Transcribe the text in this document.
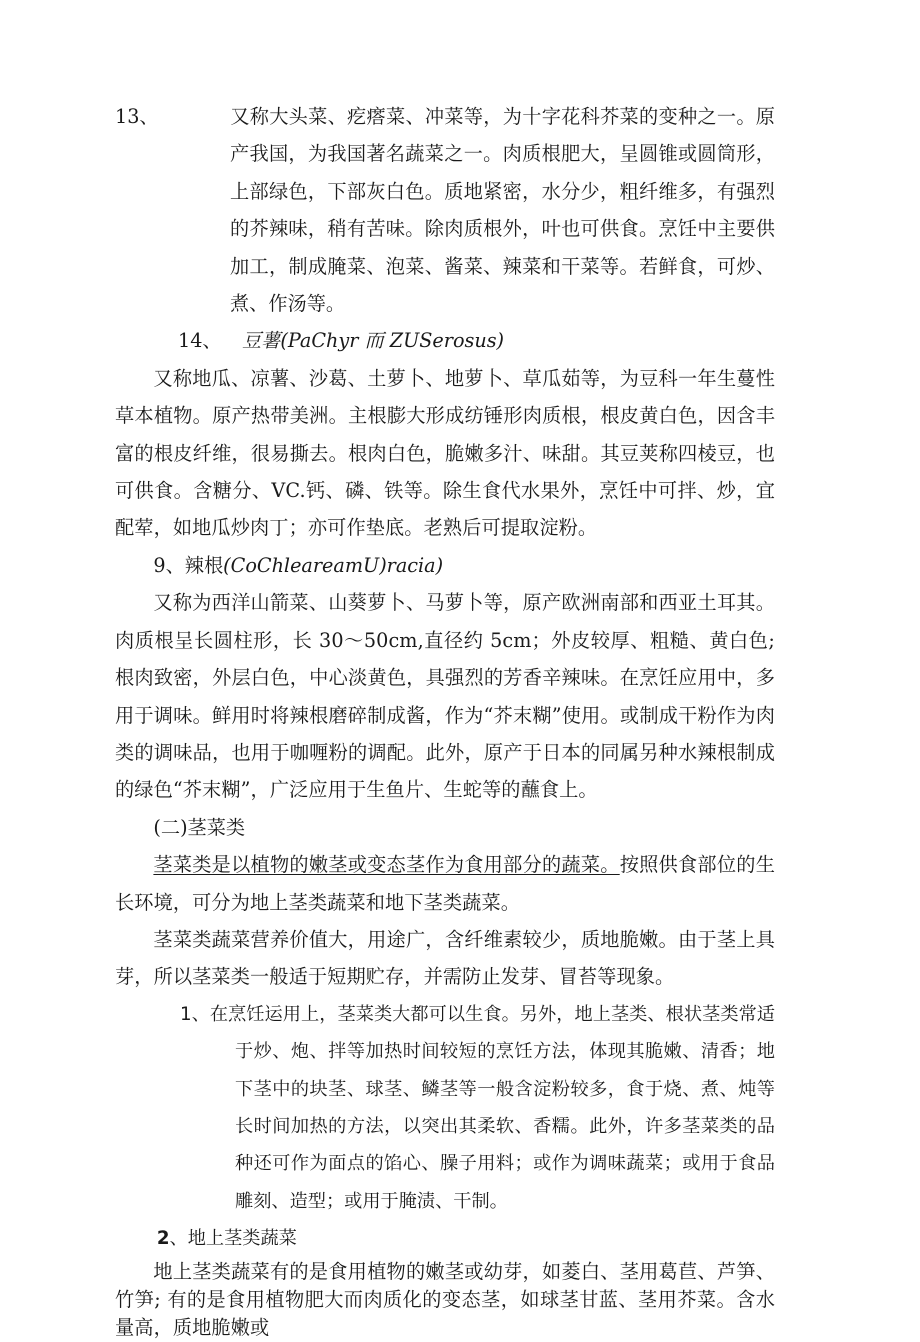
13、	又称大头菜、疙瘩菜、冲菜等，为十字花科芥菜的变种之一。原产我国，为我国著名蔬菜之一。肉质根肥大，呈圆锥或圆筒形，上部绿色，下部灰白色。质地紧密，水分少，粗纤维多，有强烈的芥辣味，稍有苦味。除肉质根外，叶也可供食。烹饪中主要供加工，制成腌菜、泡菜、酱菜、辣菜和干菜等。若鲜食，可炒、煮、作汤等。

14、 豆薯(PaChyr 而 ZUSerosus)

又称地瓜、凉薯、沙葛、土萝卜、地萝卜、草瓜茹等，为豆科一年生蔓性草本植物。原产热带美洲。主根膨大形成纺锤形肉质根，根皮黄白色，因含丰富的根皮纤维，很易撕去。根肉白色，脆嫩多汁、味甜。其豆荚称四棱豆，也可供食。含糖分、VC.钙、磷、铁等。除生食代水果外，烹饪中可拌、炒，宜配荤，如地瓜炒肉丁；亦可作垫底。老熟后可提取淀粉。

9、辣根(CoChleareamU)racia)

又称为西洋山箭菜、山葵萝卜、马萝卜等，原产欧洲南部和西亚土耳其。肉质根呈长圆柱形，长 30～50cm,直径约 5cm；外皮较厚、粗糙、黄白色; 根肉致密，外层白色，中心淡黄色，具强烈的芳香辛辣味。在烹饪应用中，多用于调味。鲜用时将辣根磨碎制成酱，作为“芥末糊”使用。或制成干粉作为肉类的调味品，也用于咖喱粉的调配。此外，原产于日本的同属另种水辣根制成的绿色“芥末糊”，广泛应用于生鱼片、生蛇等的蘸食上。

(二)茎菜类

茎菜类是以植物的嫩茎或变态茎作为食用部分的蔬菜。按照供食部位的生长环境，可分为地上茎类蔬菜和地下茎类蔬菜。

茎菜类蔬菜营养价值大，用途广，含纤维素较少，质地脆嫩。由于茎上具芽，所以茎菜类一般适于短期贮存，并需防止发芽、冒苔等现象。

1、在烹饪运用上，茎菜类大都可以生食。另外，地上茎类、根状茎类常适于炒、炮、拌等加热时间较短的烹饪方法，体现其脆嫩、清香；地下茎中的块茎、球茎、鳞茎等一般含淀粉较多，食于烧、煮、炖等长时间加热的方法，以突出其柔软、香糯。此外，许多茎菜类的品种还可作为面点的馅心、臊子用料；或作为调味蔬菜；或用于食品雕刻、造型；或用于腌渍、干制。

2、地上茎类蔬菜

地上茎类蔬菜有的是食用植物的嫩茎或幼芽，如菱白、茎用葛苣、芦笋、竹笋; 有的是食用植物肥大而肉质化的变态茎，如球茎甘蓝、茎用芥菜。含水量高，质地脆嫩或
